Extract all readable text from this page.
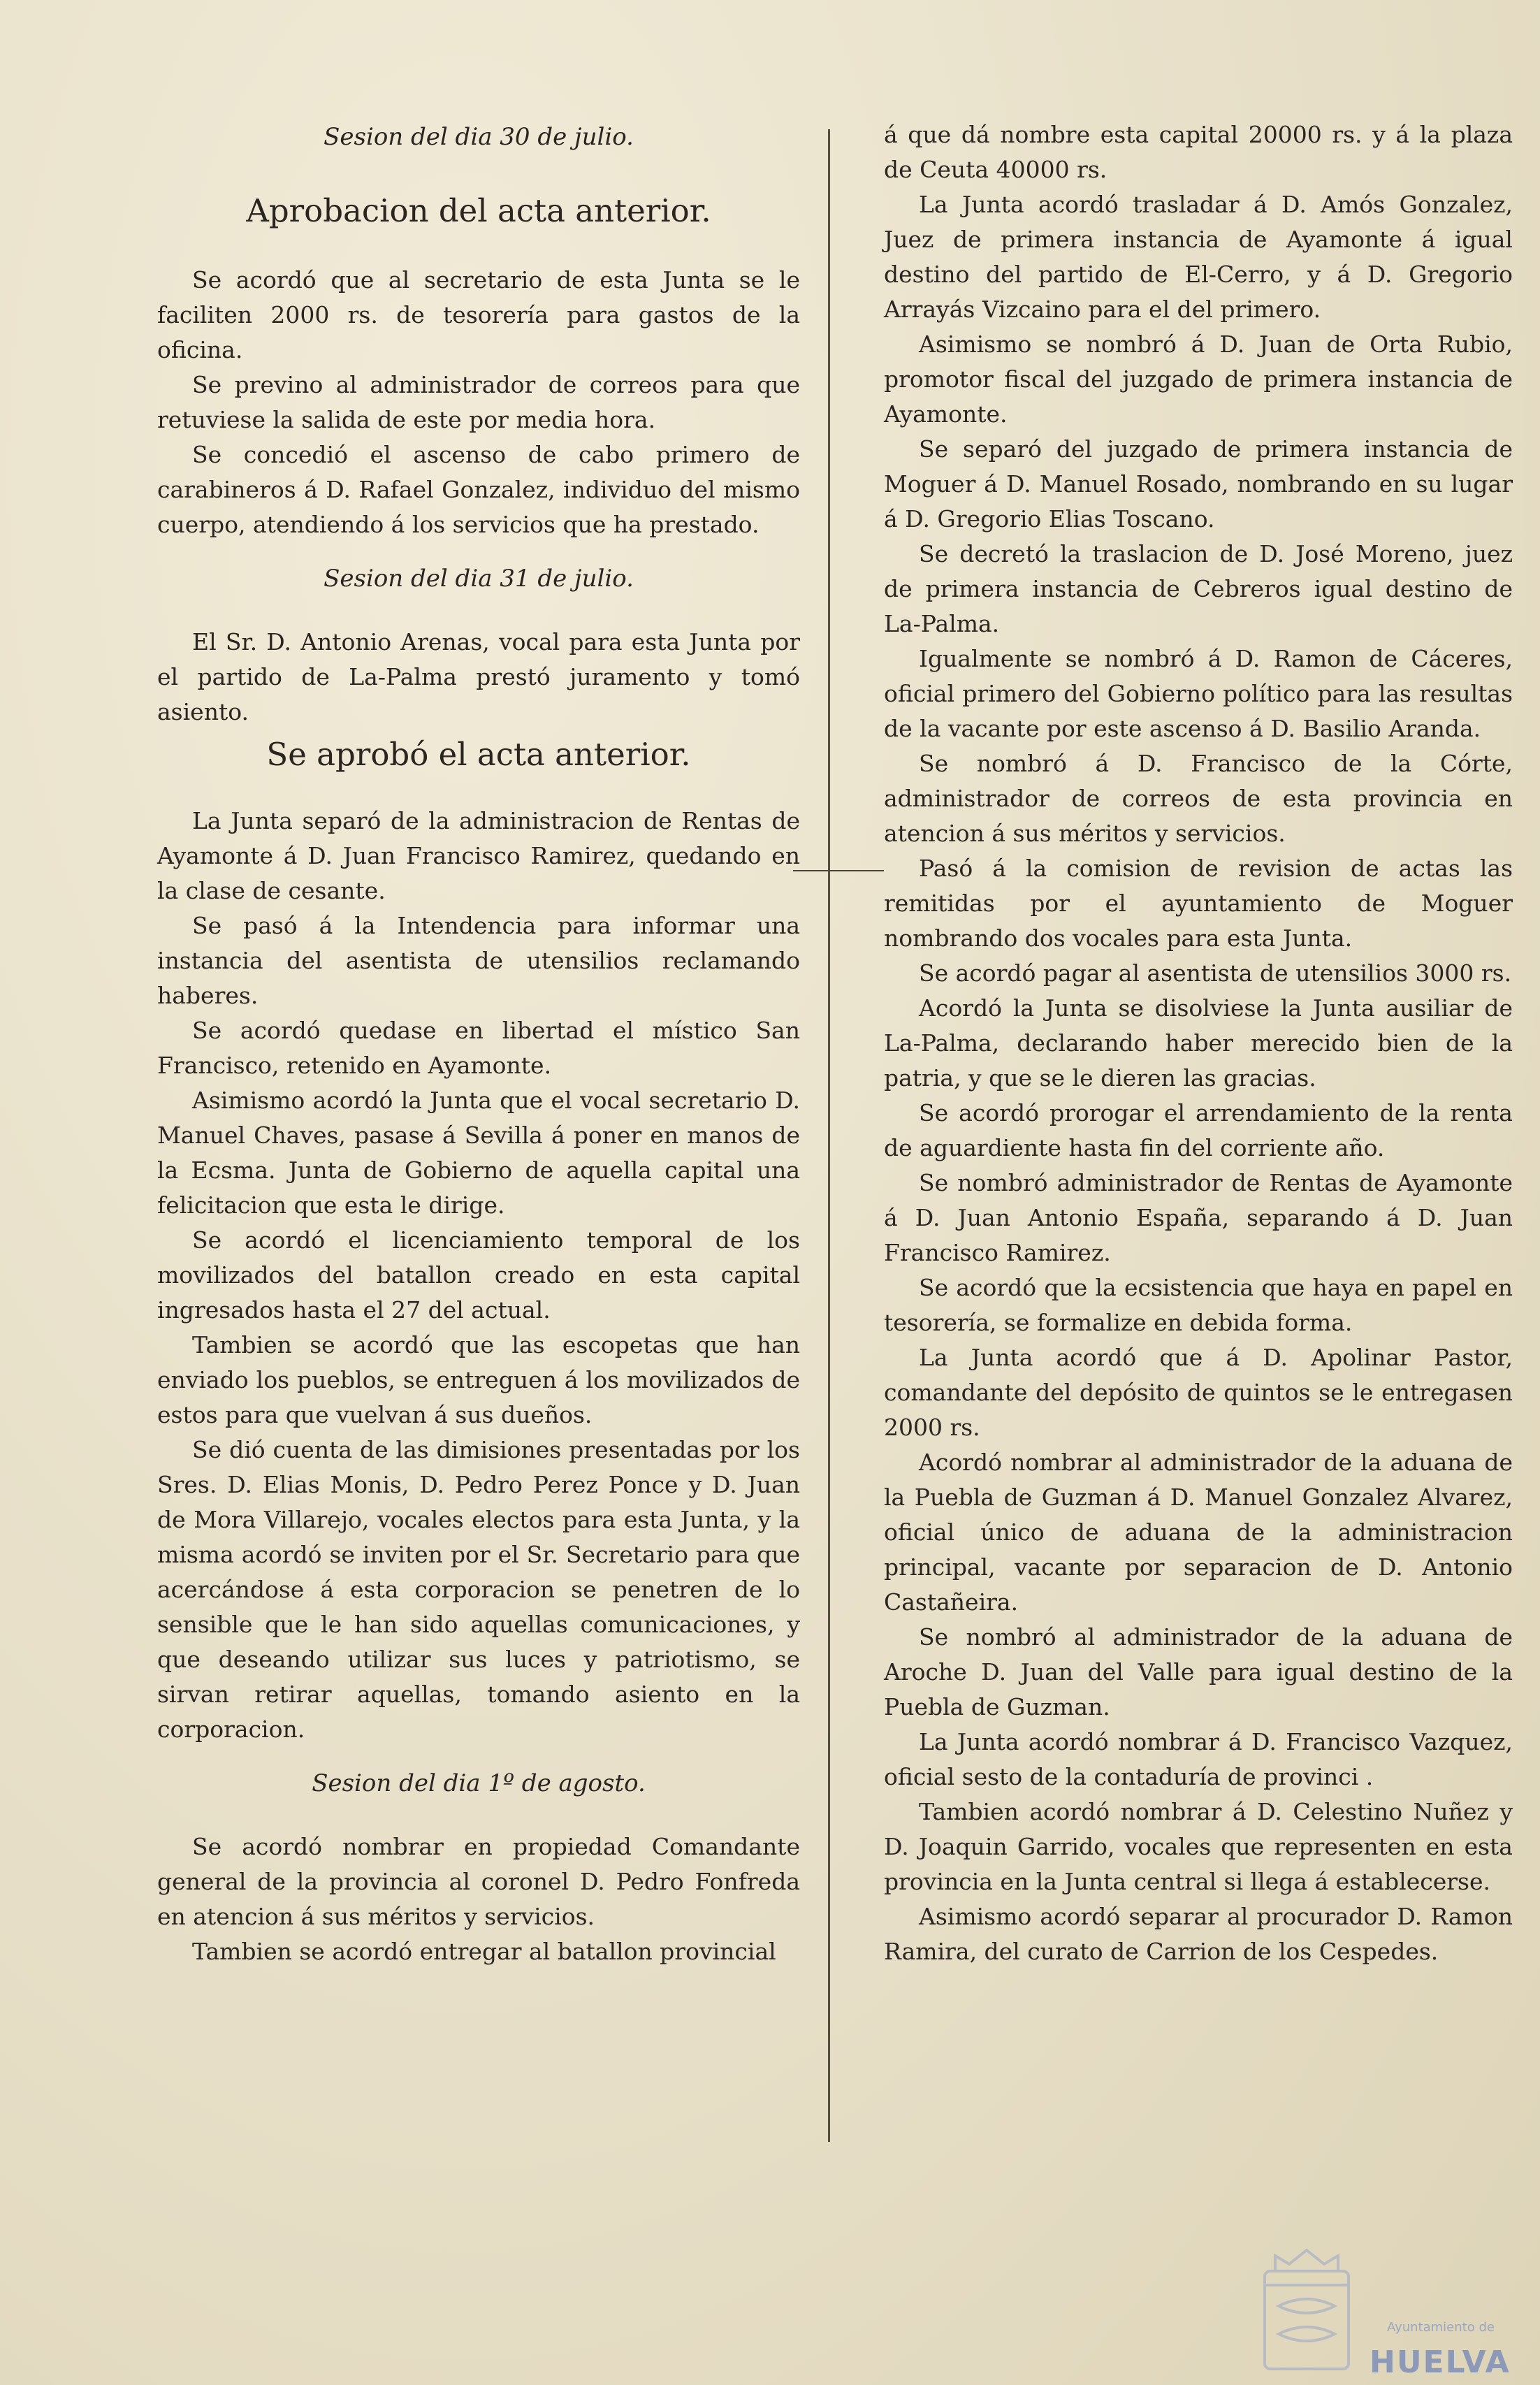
Sesion del dia 30 de julio.

Aprobacion del acta anterior.

Se acordó que al secretario de esta Junta se le faciliten 2000 rs. de tesorería para gastos de la oficina.

Se previno al administrador de correos para que retuviese la salida de este por media hora.

Se concedió el ascenso de cabo primero de carabineros á D. Rafael Gonzalez, individuo del mismo cuerpo, atendiendo á los servicios que ha prestado.

Sesion del dia 31 de julio.

El Sr. D. Antonio Arenas, vocal para esta Junta por el partido de La-Palma prestó juramento y tomó asiento.

Se aprobó el acta anterior.

La Junta separó de la administracion de Rentas de Ayamonte á D. Juan Francisco Ramirez, quedando en la clase de cesante.

Se pasó á la Intendencia para informar una instancia del asentista de utensilios reclamando haberes.

Se acordó quedase en libertad el místico San Francisco, retenido en Ayamonte.

Asimismo acordó la Junta que el vocal secretario D. Manuel Chaves, pasase á Sevilla á poner en manos de la Ecsma. Junta de Gobierno de aquella capital una felicitacion que esta le dirige.

Se acordó el licenciamiento temporal de los movilizados del batallon creado en esta capital ingresados hasta el 27 del actual.

Tambien se acordó que las escopetas que han enviado los pueblos, se entreguen á los movilizados de estos para que vuelvan á sus dueños.

Se dió cuenta de las dimisiones presentadas por los Sres. D. Elias Monis, D. Pedro Perez Ponce y D. Juan de Mora Villarejo, vocales electos para esta Junta, y la misma acordó se inviten por el Sr. Secretario para que acercándose á esta corporacion se penetren de lo sensible que le han sido aquellas comunicaciones, y que deseando utilizar sus luces y patriotismo, se sirvan retirar aquellas, tomando asiento en la corporacion.

Sesion del dia 1º de agosto.

Se acordó nombrar en propiedad Comandante general de la provincia al coronel D. Pedro Fonfreda en atencion á sus méritos y servicios.

Tambien se acordó entregar al batallon provincial

á que dá nombre esta capital 20000 rs. y á la plaza de Ceuta 40000 rs.

La Junta acordó trasladar á D. Amós Gonzalez, Juez de primera instancia de Ayamonte á igual destino del partido de El-Cerro, y á D. Gregorio Arrayás Vizcaino para el del primero.

Asimismo se nombró á D. Juan de Orta Rubio, promotor fiscal del juzgado de primera instancia de Ayamonte.

Se separó del juzgado de primera instancia de Moguer á D. Manuel Rosado, nombrando en su lugar á D. Gregorio Elias Toscano.

Se decretó la traslacion de D. José Moreno, juez de primera instancia de Cebreros igual destino de La-Palma.

Igualmente se nombró á D. Ramon de Cáceres, oficial primero del Gobierno político para las resultas de la vacante por este ascenso á D. Basilio Aranda.

Se nombró á D. Francisco de la Córte, administrador de correos de esta provincia en atencion á sus méritos y servicios.

Pasó á la comision de revision de actas las remitidas por el ayuntamiento de Moguer nombrando dos vocales para esta Junta.

Se acordó pagar al asentista de utensilios 3000 rs.

Acordó la Junta se disolviese la Junta ausiliar de La-Palma, declarando haber merecido bien de la patria, y que se le dieren las gracias.

Se acordó prorogar el arrendamiento de la renta de aguardiente hasta fin del corriente año.

Se nombró administrador de Rentas de Ayamonte á D. Juan Antonio España, separando á D. Juan Francisco Ramirez.

Se acordó que la ecsistencia que haya en papel en tesorería, se formalize en debida forma.

La Junta acordó que á D. Apolinar Pastor, comandante del depósito de quintos se le entregasen 2000 rs.

Acordó nombrar al administrador de la aduana de la Puebla de Guzman á D. Manuel Gonzalez Alvarez, oficial único de aduana de la administracion principal, vacante por separacion de D. Antonio Castañeira.

Se nombró al administrador de la aduana de Aroche D. Juan del Valle para igual destino de la Puebla de Guzman.

La Junta acordó nombrar á D. Francisco Vazquez, oficial sesto de la contaduría de provinci .

Tambien acordó nombrar á D. Celestino Nuñez y D. Joaquin Garrido, vocales que representen en esta provincia en la Junta central si llega á establecerse.

Asimismo acordó separar al procurador D. Ramon Ramira, del curato de Carrion de los Cespedes.

Ayuntamiento de
HUELVA
